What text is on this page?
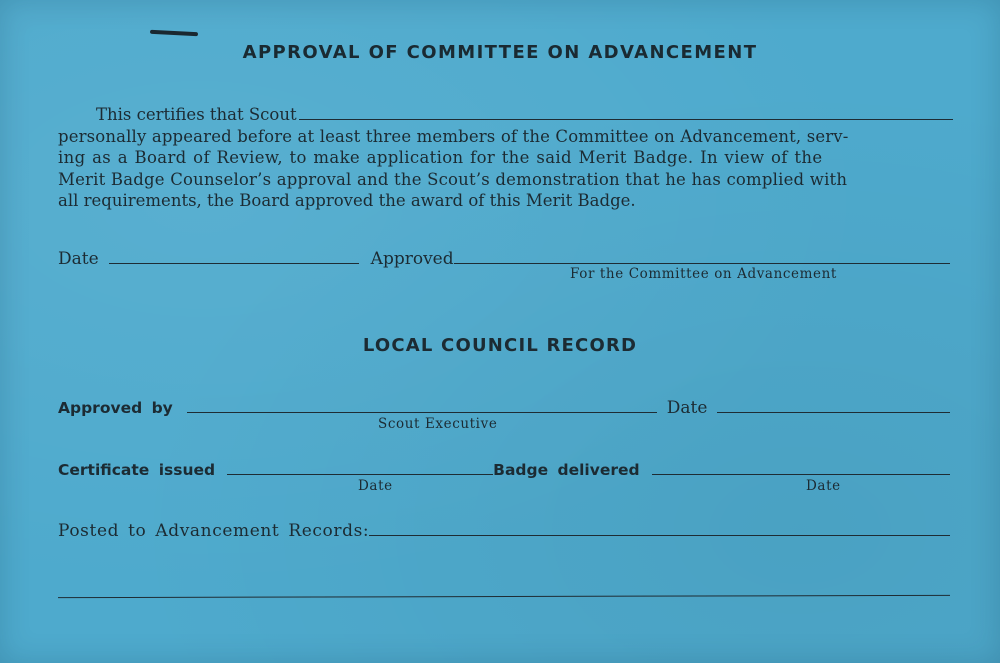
APPROVAL OF COMMITTEE ON ADVANCEMENT
This certifies that Scout
personally appeared before at least three members of the Committee on Advancement, serv-
ing as a Board of Review, to make application for the said Merit Badge. In view of the
Merit Badge Counselor’s approval and the Scout’s demonstration that he has complied with
all requirements, the Board approved the award of this Merit Badge.
Date	Approved
For the Committee on Advancement
LOCAL COUNCIL RECORD
Approved by	Date
Scout Executive
Certificate issued	Badge delivered
Date	Date
Posted to Advancement Records:
